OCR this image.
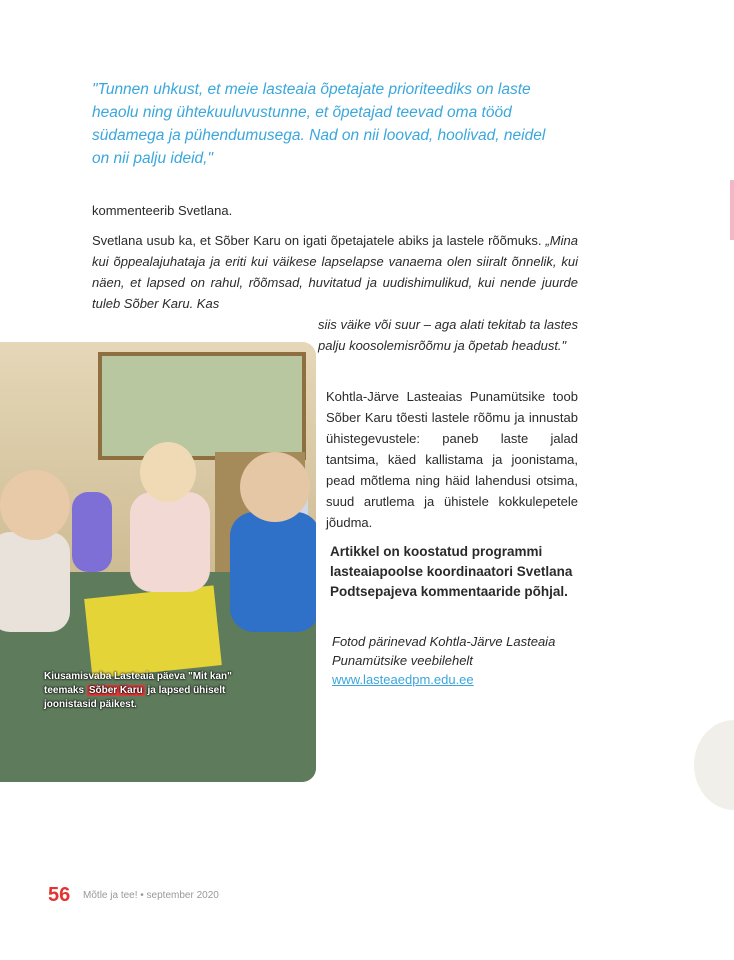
"Tunnen uhkust, et meie lasteaia õpetajate prioriteediks on laste heaolu ning ühtekuuluvustunne, et õpetajad teevad oma tööd südamega ja pühendumusega. Nad on nii loovad, hoolivad, neidel on nii palju ideid,"

kommenteerib Svetlana.

Svetlana usub ka, et Sõber Karu on igati õpetajatele abiks ja lastele rõõmuks. „Mina kui õppealajuhataja ja eriti kui väikese lapselapse vanaema olen siiralt õnnelik, kui näen, et lapsed on rahul, rõõmsad, huvitatud ja uudishimulikud, kui nende juurde tuleb Sõber Karu. Kas

siis väike või suur – aga alati tekitab ta lastes palju koosolemisrõõmu ja õpetab headust."

Kohtla-Järve Lasteaias Punamütsike toob Sõber Karu tõesti lastele rõõmu ja innustab ühistegevustele: paneb laste jalad tantsima, käed kallistama ja joonistama, pead mõtlema ning häid lahendusi otsima, suud arutlema ja ühistele kokkulepetele jõudma.

Artikkel on koostatud programmi lasteaiapoolse koordinaatori Svetlana Podtsepajeva kommentaaride põhjal.

Fotod pärinevad Kohtla-Järve Lasteaia Punamütsike veebilehelt
www.lasteaedpm.edu.ee

Kiusamisvaba Lasteaia päeva "Mit kan" teemaks Sõber Karu ja lapsed ühiselt joonistasid päikest.

56 Mõtle ja tee! • september 2020
